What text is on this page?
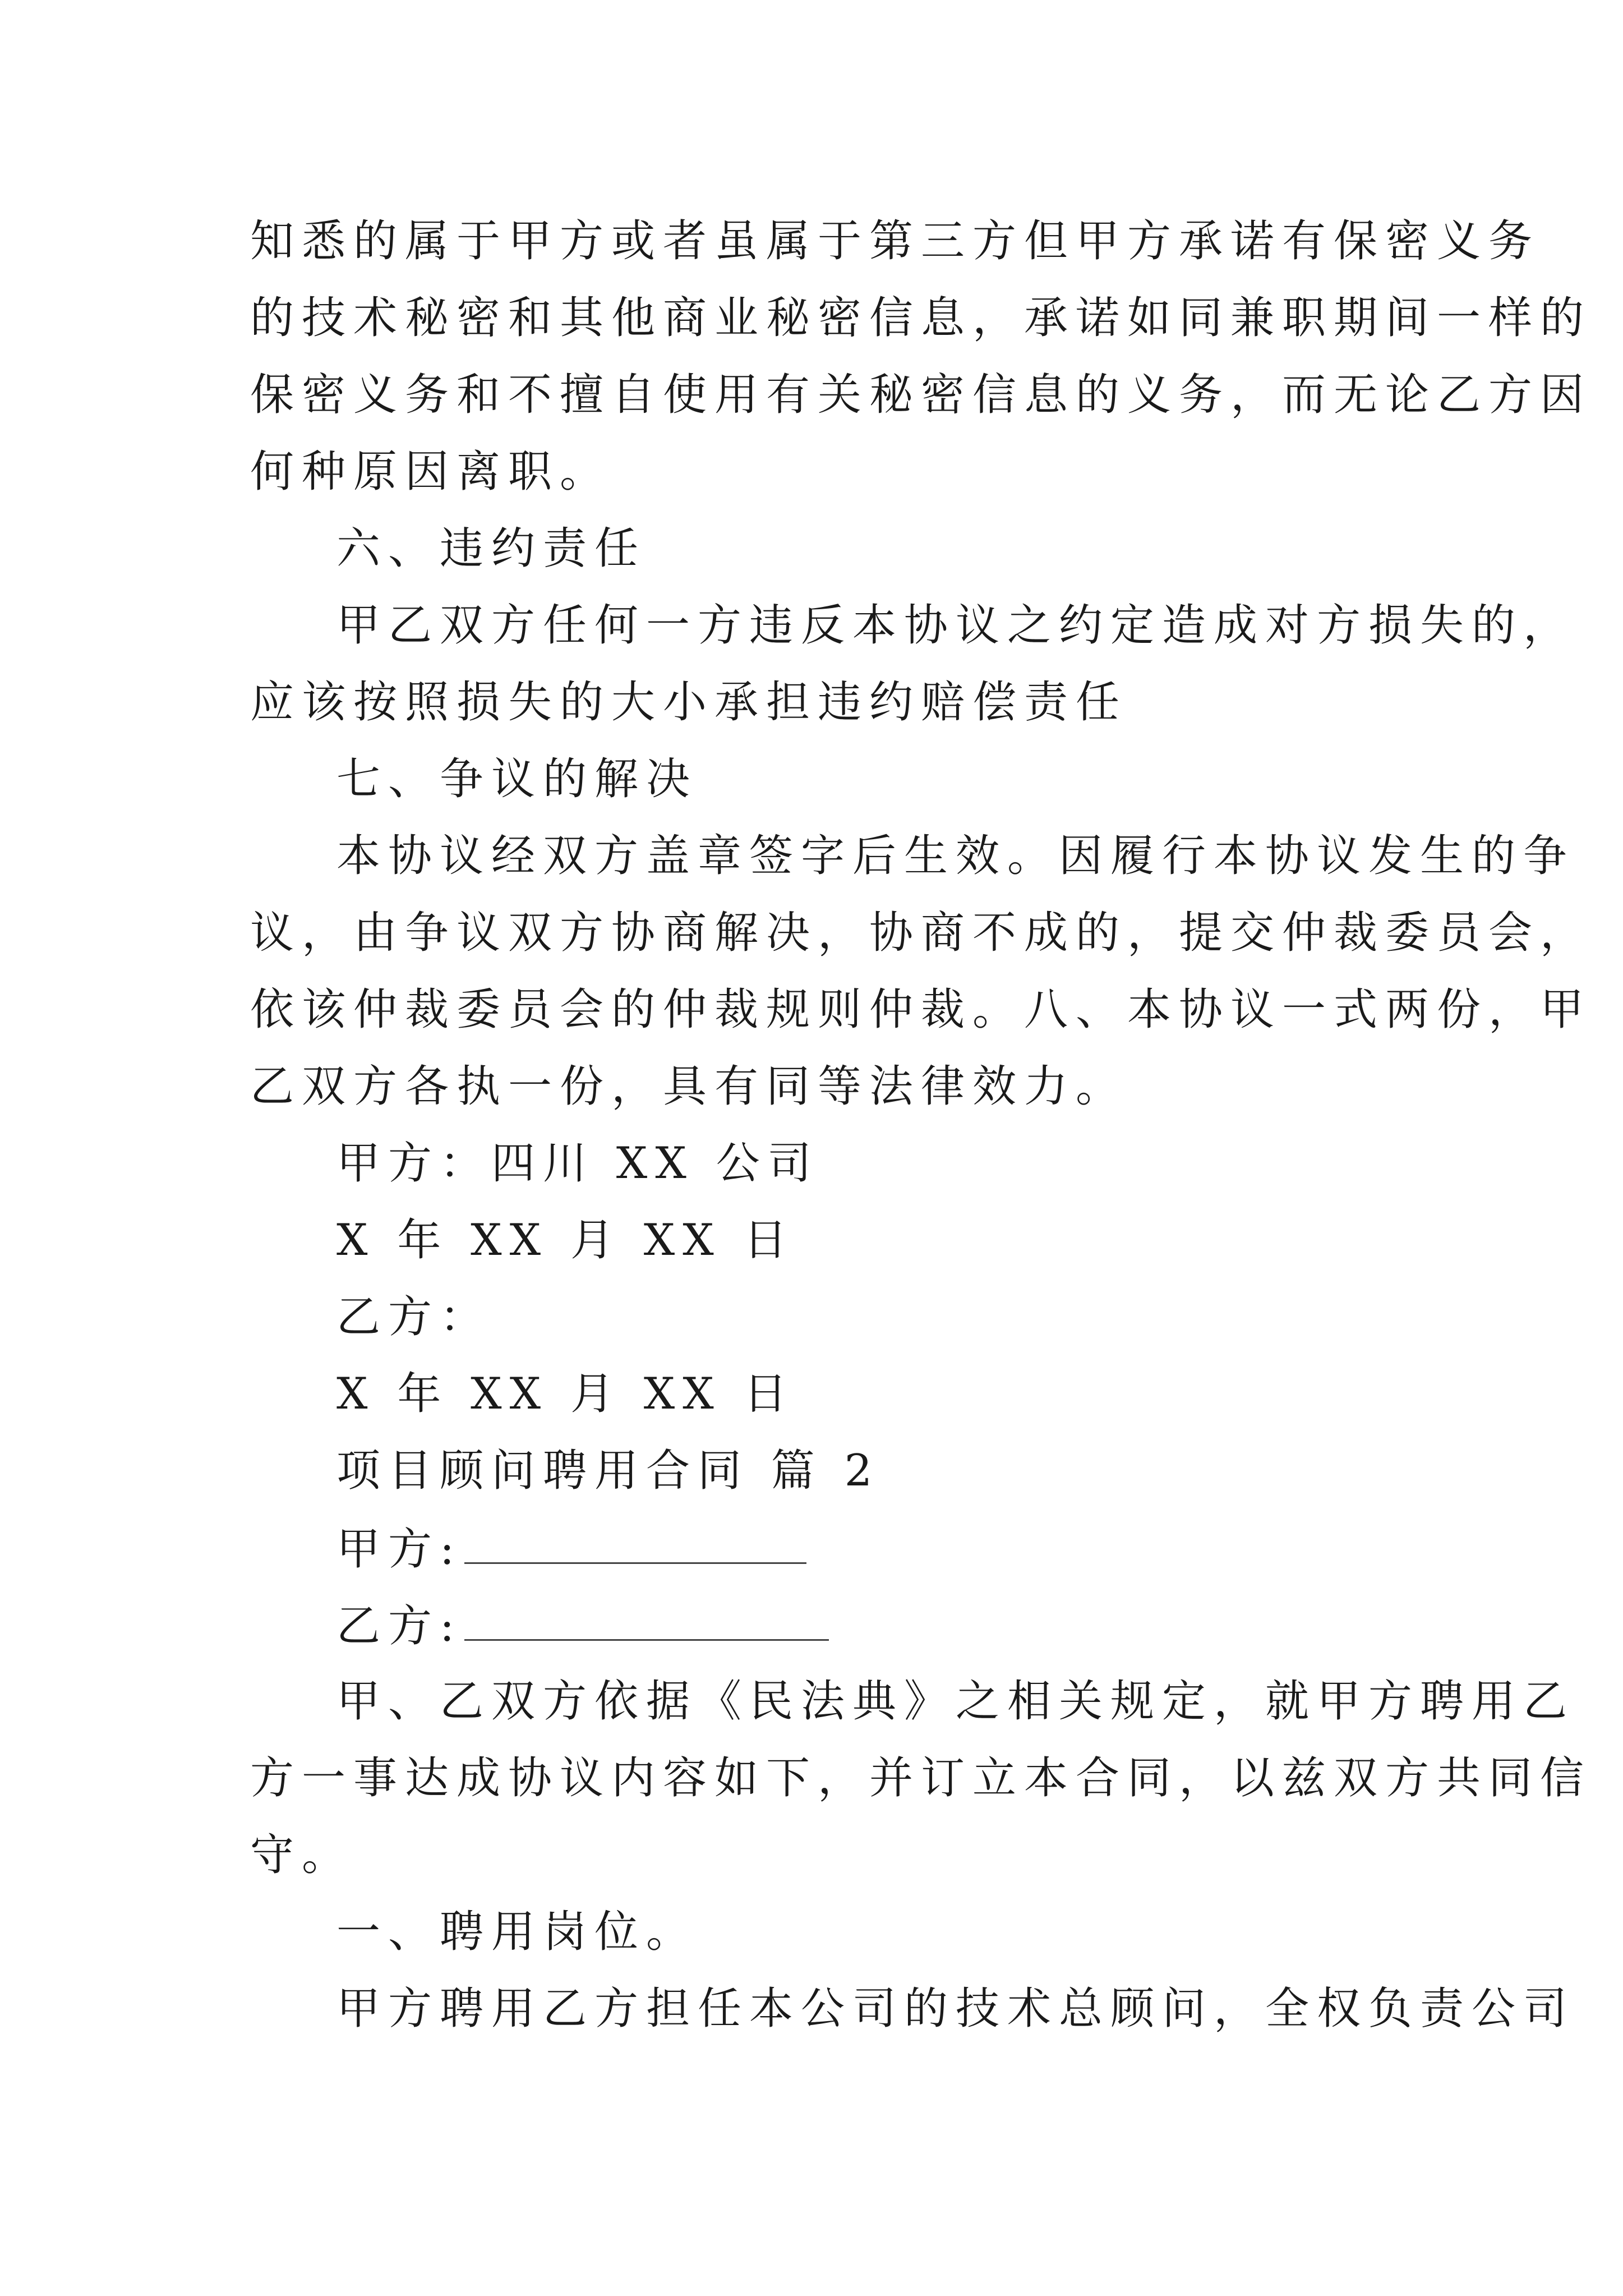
知悉的属于甲方或者虽属于第三方但甲方承诺有保密义务
的技术秘密和其他商业秘密信息，承诺如同兼职期间一样的
保密义务和不擅自使用有关秘密信息的义务，而无论乙方因
何种原因离职。
六、违约责任
甲乙双方任何一方违反本协议之约定造成对方损失的，
应该按照损失的大小承担违约赔偿责任
七、争议的解决
本协议经双方盖章签字后生效。因履行本协议发生的争
议，由争议双方协商解决，协商不成的，提交仲裁委员会，
依该仲裁委员会的仲裁规则仲裁。八、本协议一式两份，甲
乙双方各执一份，具有同等法律效力。
甲方：四川 XX 公司
X 年 XX 月 XX 日
乙方：
X 年 XX 月 XX 日
项目顾问聘用合同 篇 2
甲方:
乙方:
甲、乙双方依据《民法典》之相关规定，就甲方聘用乙
方一事达成协议内容如下，并订立本合同，以兹双方共同信
守。
一、聘用岗位。
甲方聘用乙方担任本公司的技术总顾问，全权负责公司
